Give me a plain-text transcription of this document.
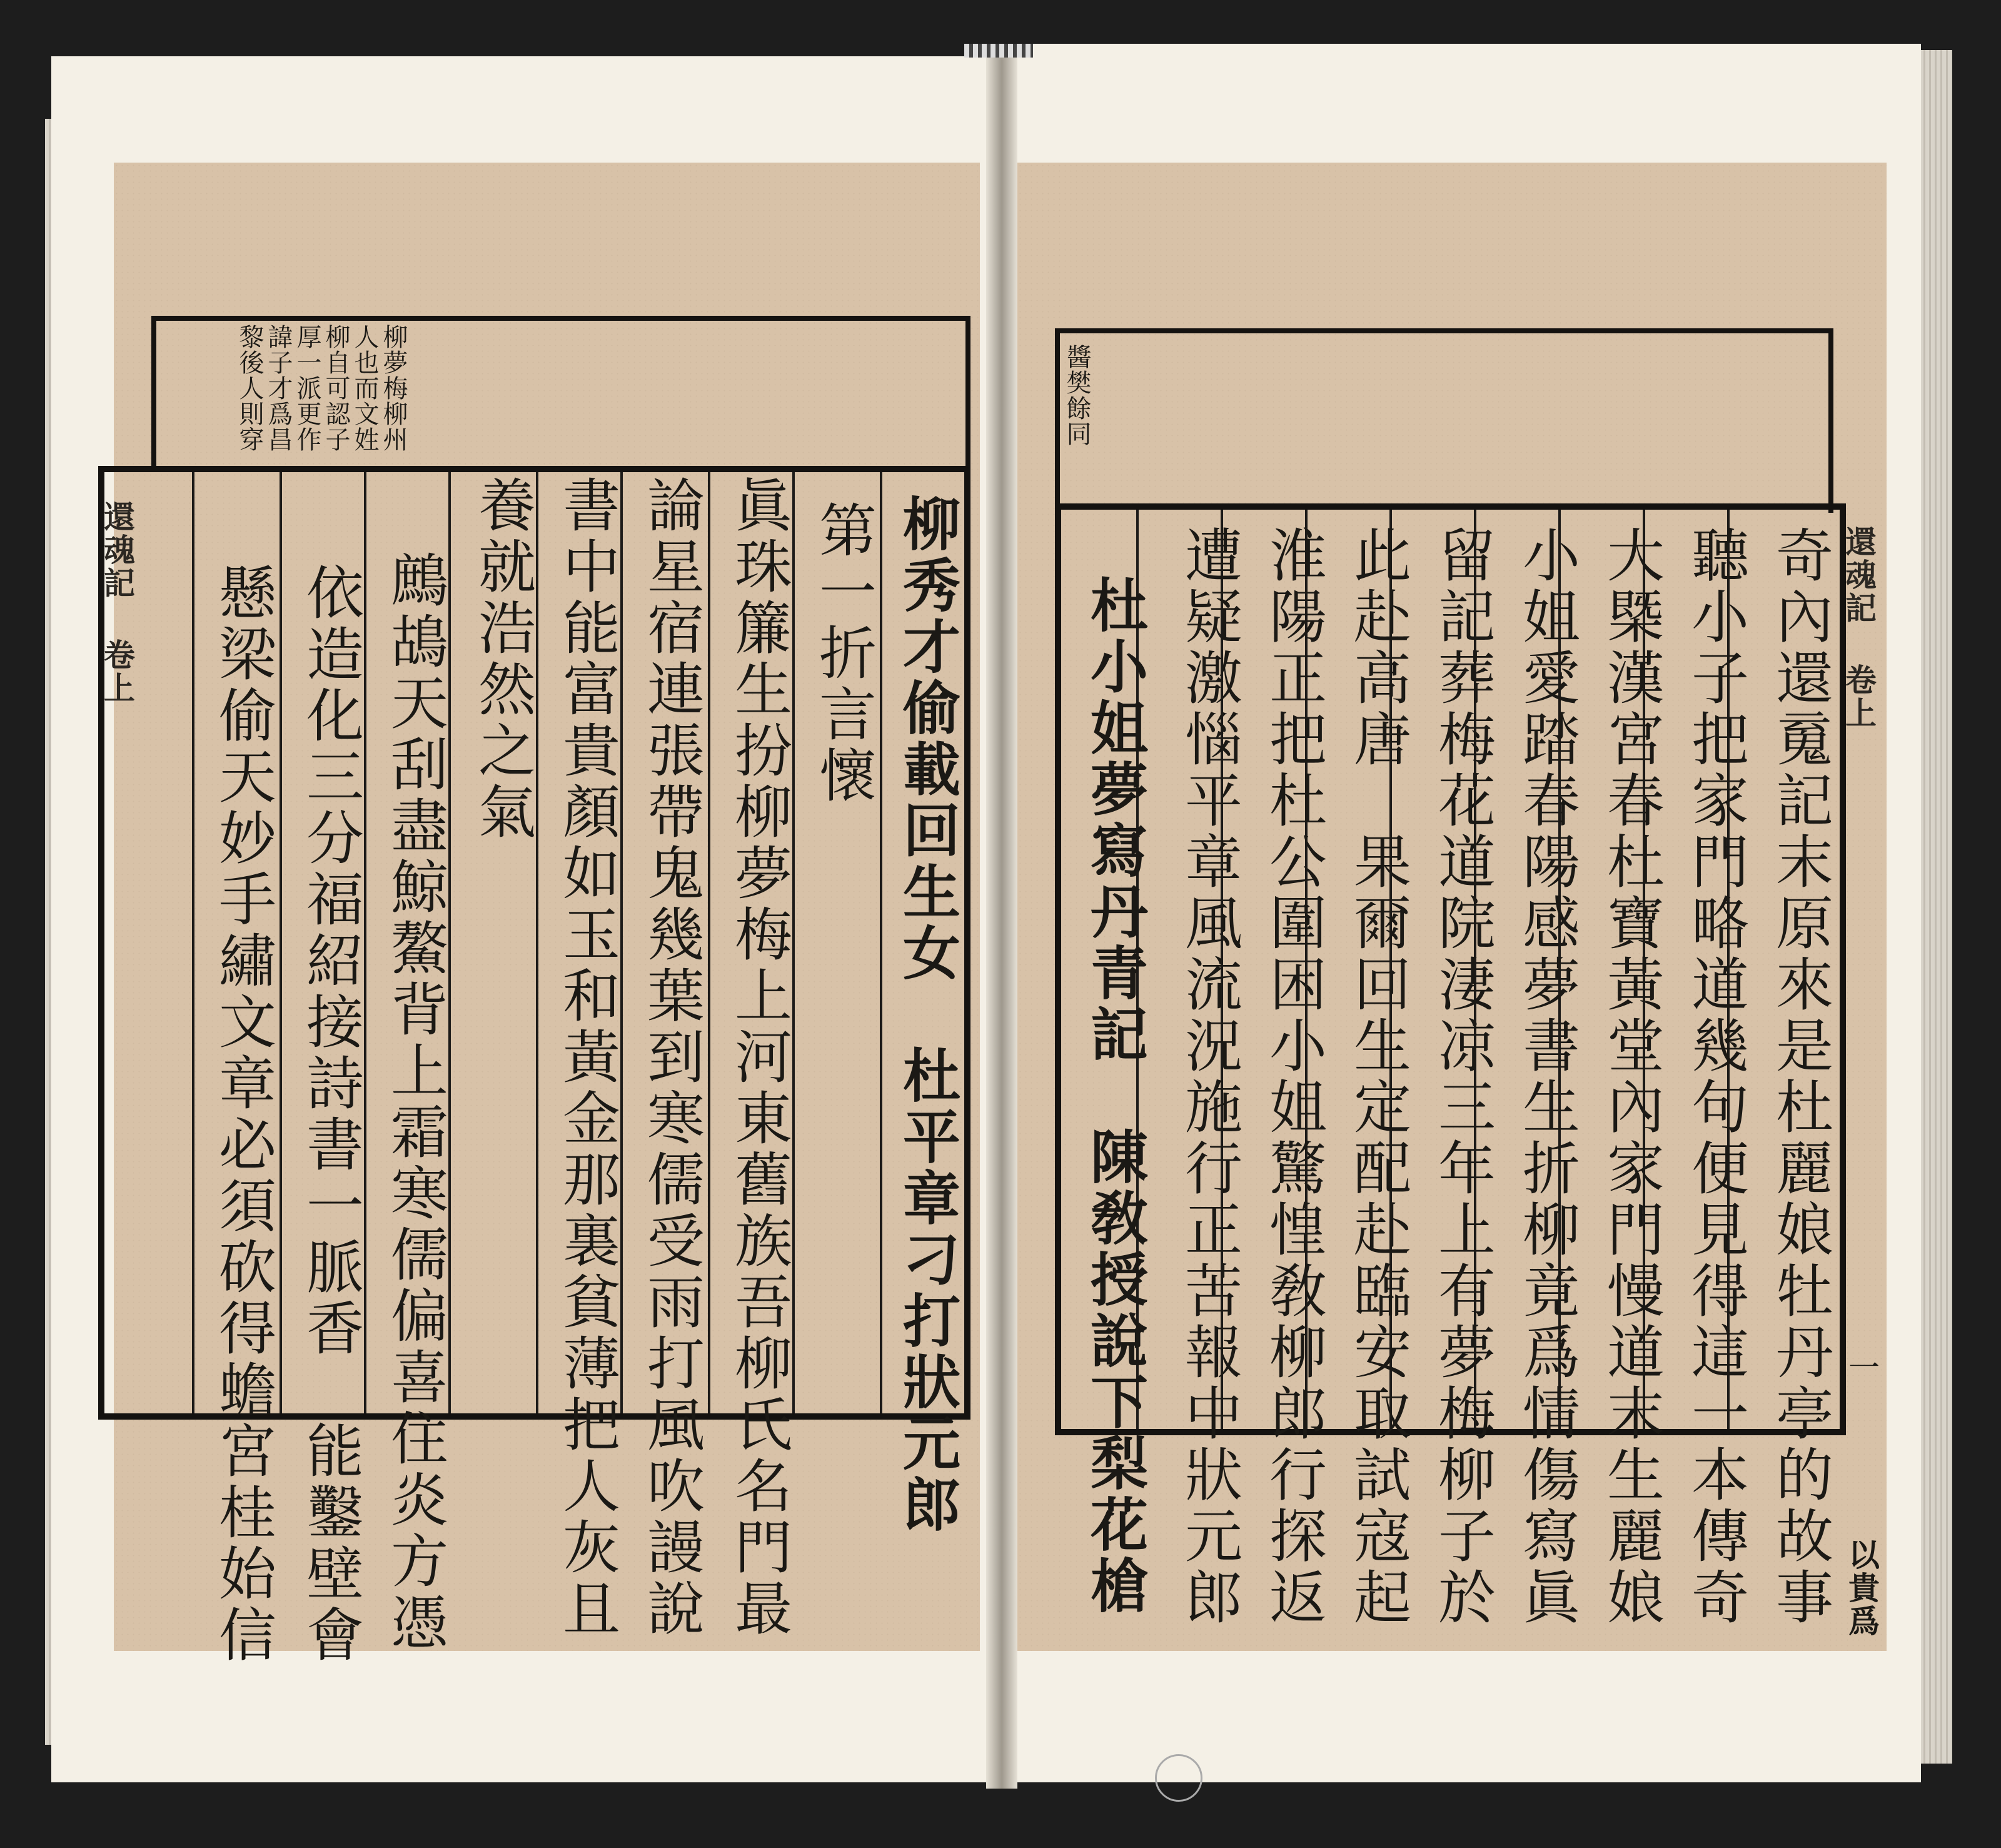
柳夢梅柳州人也而文姓柳自可認子厚一派更作諱子才爲昌黎後人則穿
柳秀才偷載回生女　杜平章刁打狀元郎
第一折言懷
眞珠簾生扮柳夢梅上河東舊族吾柳氏名門最
論星宿連張帶鬼幾葉到寒儒受雨打風吹謾說
書中能富貴顏如玉和黃金那裏貧薄把人灰且
養就浩然之氣
鷓鴣天刮盡鯨鰲背上霜寒儒偏喜住炎方憑
依造化三分福紹接詩書一脈香　能鑿壁會
懸梁偷天妙手繡文章必須砍得蟾宮桂始信
還魂記 卷上
醬樊餘同
奇內還䰟記末原來是杜麗娘牡丹亭的故事
聽小子把家門略道幾句便見得這一本傳奇
大槩漢宮春杜寶黃堂內家門慢道末生麗娘
小姐愛踏春陽感夢書生折柳竟爲情傷寫眞
留記葬梅花道院淒凉三年上有夢梅柳子於
此赴高唐　果爾回生定配赴臨安取試寇起
淮陽正把杜公圍困小姐驚惶敎柳郎行探返
遭疑激惱平章風流況施行正苦報中狀元郎
杜小姐夢寫丹青記　陳敎授說下梨花槍	還魂記 卷上
一
以貴爲
